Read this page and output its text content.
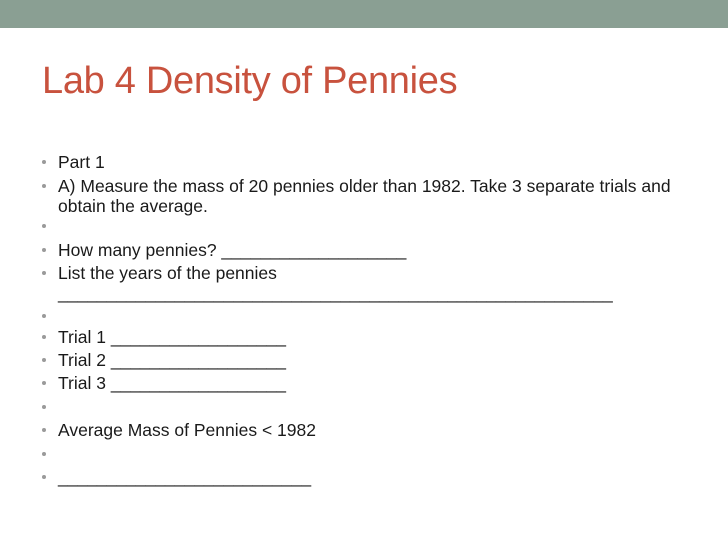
Lab 4 Density of Pennies
Part 1
A) Measure the mass of 20 pennies older than 1982. Take 3 separate trials and obtain the average.
How many pennies? ___________________
List the years of the pennies
Trial 1 __________________
Trial 2 __________________
Trial 3 __________________
Average Mass of Pennies < 1982
__________________________
_________________________________________________________
